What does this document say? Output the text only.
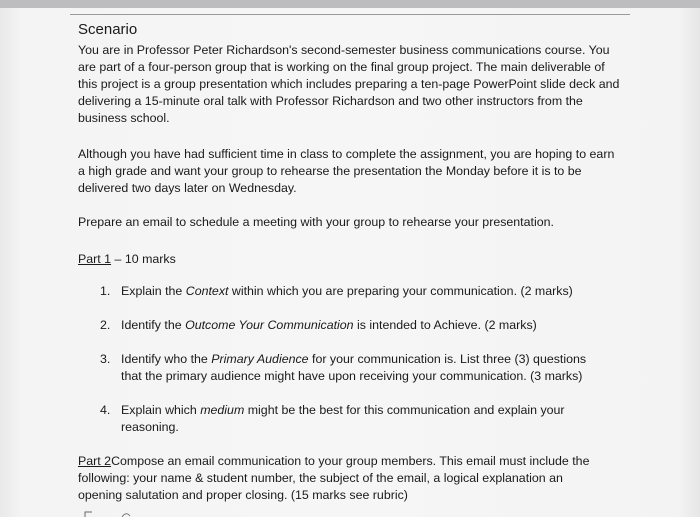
Scenario

You are in Professor Peter Richardson's second-semester business communications course. You are part of a four-person group that is working on the final group project. The main deliverable of this project is a group presentation which includes preparing a ten-page PowerPoint slide deck and delivering a 15-minute oral talk with Professor Richardson and two other instructors from the business school.

Although you have had sufficient time in class to complete the assignment, you are hoping to earn a high grade and want your group to rehearse the presentation the Monday before it is to be delivered two days later on Wednesday.

Prepare an email to schedule a meeting with your group to rehearse your presentation.

Part 1 – 10 marks

1. Explain the Context within which you are preparing your communication. (2 marks)
2. Identify the Outcome Your Communication is intended to Achieve. (2 marks)
3. Identify who the Primary Audience for your communication is. List three (3) questions that the primary audience might have upon receiving your communication. (3 marks)
4. Explain which medium might be the best for this communication and explain your reasoning.

Part 2Compose an email communication to your group members. This email must include the following: your name & student number, the subject of the email, a logical explanation an opening salutation and proper closing. (15 marks see rubric)
